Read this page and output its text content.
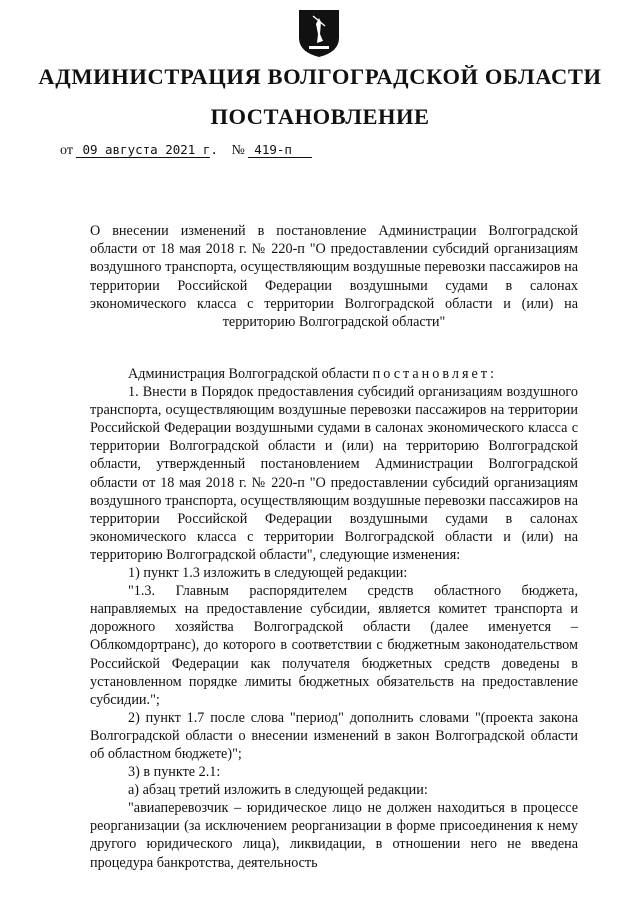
АДМИНИСТРАЦИЯ ВОЛГОГРАДСКОЙ ОБЛАСТИ
ПОСТАНОВЛЕНИЕ
от 09 августа 2021 г. № 419-п

О внесении изменений в постановление Администрации Волгоградской области от 18 мая 2018 г. № 220-п "О предоставлении субсидий организациям воздушного транспорта, осуществляющим воздушные перевозки пассажиров на территории Российской Федерации воздушными судами в салонах экономического класса с территории Волгоградской области и (или) на территорию Волгоградской области"

Администрация Волгоградской области постановляет:

1. Внести в Порядок предоставления субсидий организациям воздушного транспорта, осуществляющим воздушные перевозки пассажиров на территории Российской Федерации воздушными судами в салонах экономического класса с территории Волгоградской области и (или) на территорию Волгоградской области, утвержденный постановлением Администрации Волгоградской области от 18 мая 2018 г. № 220-п "О предоставлении субсидий организациям воздушного транспорта, осуществляющим воздушные перевозки пассажиров на территории Российской Федерации воздушными судами в салонах экономического класса с территории Волгоградской области и (или) на территорию Волгоградской области", следующие изменения:

1) пункт 1.3 изложить в следующей редакции:

"1.3. Главным распорядителем средств областного бюджета, направляемых на предоставление субсидии, является комитет транспорта и дорожного хозяйства Волгоградской области (далее именуется – Облкомдортранс), до которого в соответствии с бюджетным законодательством Российской Федерации как получателя бюджетных средств доведены в установленном порядке лимиты бюджетных обязательств на предоставление субсидии.";

2) пункт 1.7 после слова "период" дополнить словами "(проекта закона Волгоградской области о внесении изменений в закон Волгоградской области об областном бюджете)";

3) в пункте 2.1:

а) абзац третий изложить в следующей редакции:

"авиаперевозчик – юридическое лицо не должен находиться в процессе реорганизации (за исключением реорганизации в форме присоединения к нему другого юридического лица), ликвидации, в отношении него не введена процедура банкротства, деятельность
